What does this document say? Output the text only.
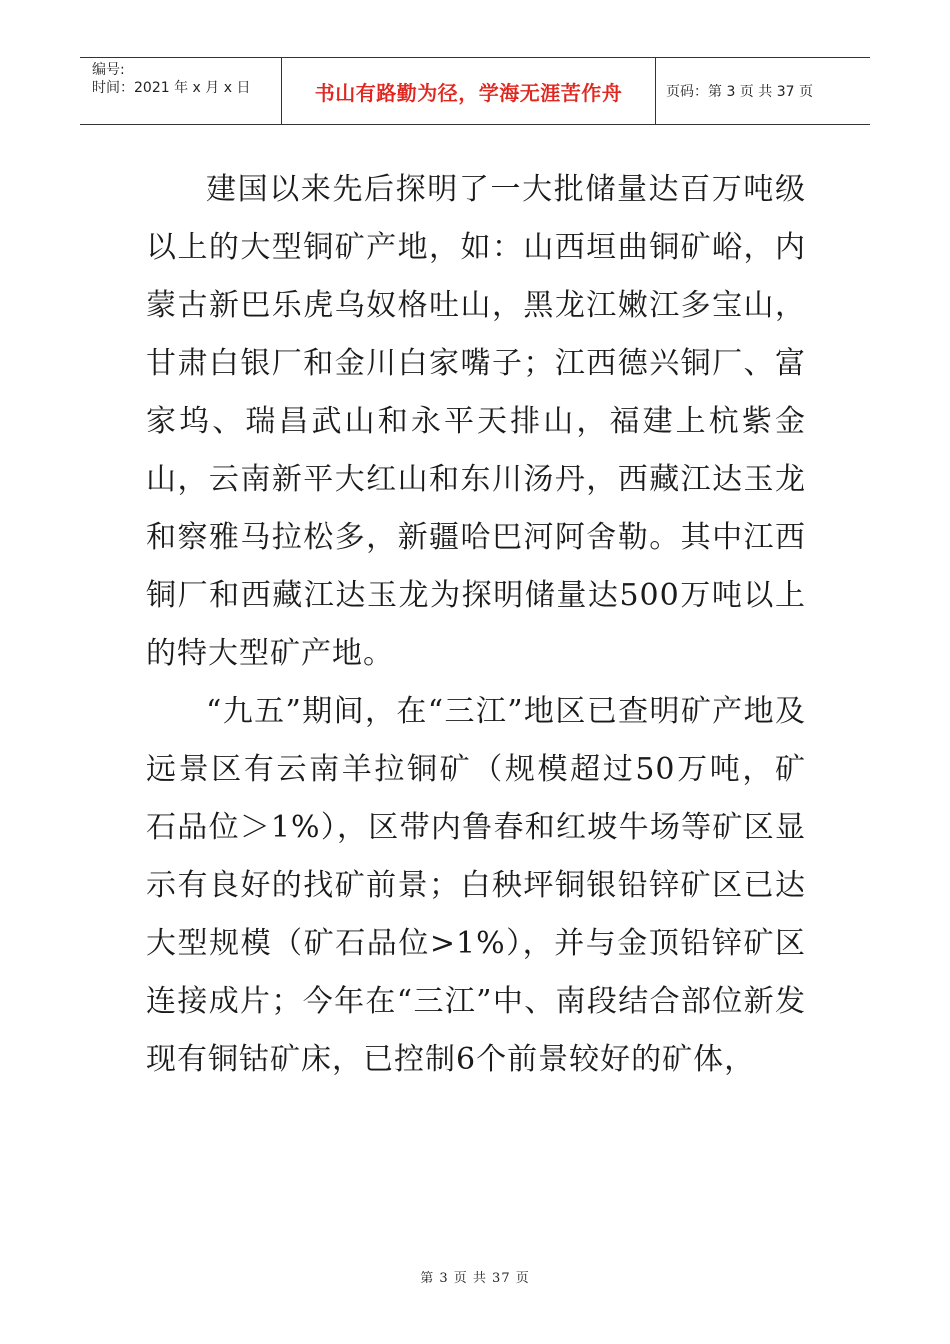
编号:
时间：2021 年 x 月 x 日	书山有路勤为径，学海无涯苦作舟	页码：第 3 页 共 37 页

建国以来先后探明了一大批储量达百万吨级以上的大型铜矿产地，如：山西垣曲铜矿峪，内蒙古新巴乐虎乌奴格吐山，黑龙江嫩江多宝山，甘肃白银厂和金川白家嘴子；江西德兴铜厂、富家坞、瑞昌武山和永平天排山，福建上杭紫金山，云南新平大红山和东川汤丹，西藏江达玉龙和察雅马拉松多，新疆哈巴河阿舍勒。其中江西铜厂和西藏江达玉龙为探明储量达500万吨以上的特大型矿产地。

“九五”期间，在“三江”地区已查明矿产地及远景区有云南羊拉铜矿（规模超过50万吨，矿石品位＞1%），区带内鲁春和红坡牛场等矿区显示有良好的找矿前景；白秧坪铜银铅锌矿区已达大型规模（矿石品位>1%），并与金顶铅锌矿区连接成片；今年在“三江”中、南段结合部位新发现有铜钴矿床，已控制6个前景较好的矿体，

第 3 页 共 37 页
